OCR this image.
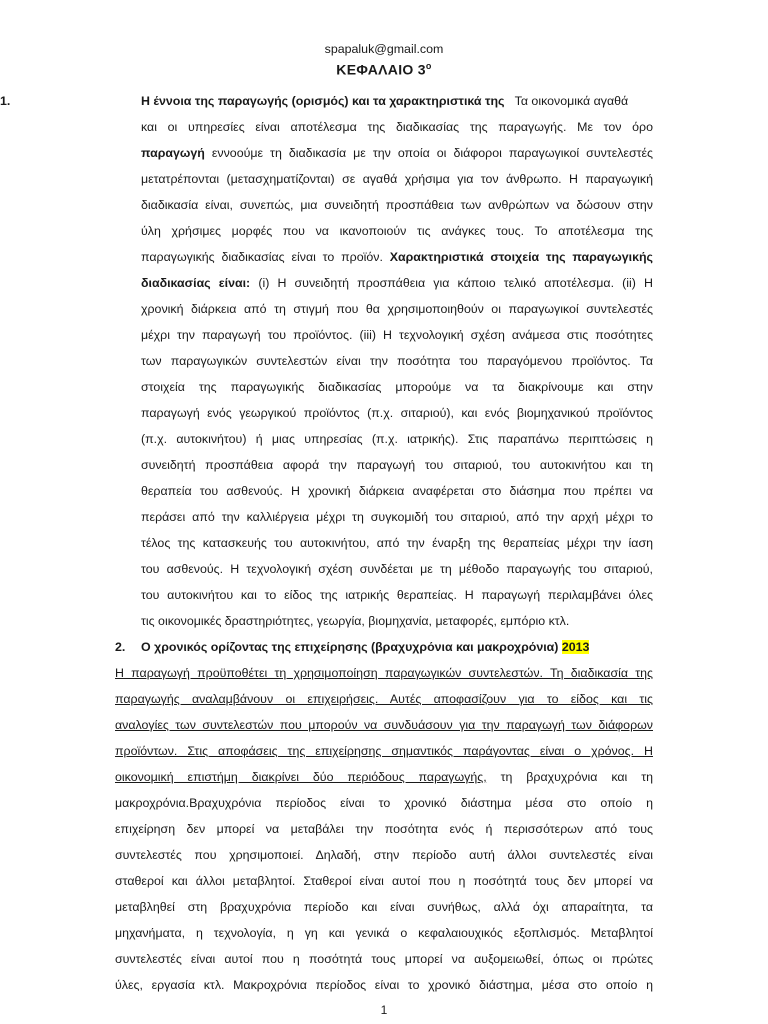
spapaluk@gmail.com
ΚΕΦΑΛΑΙΟ $3^o$
1.	Η έννοια της παραγωγής (ορισμός) και τα χαρακτηριστικά της Τα οικονομικά αγαθά
και οι υπηρεσίες είναι αποτέλεσμα της διαδικασίας της παραγωγής. Με τον όρο
παραγωγή εννοούμε τη διαδικασία με την οποία οι διάφοροι παραγωγικοί συντελεστές
μετατρέπονται (μετασχηματίζονται) σε αγαθά χρήσιμα για τον άνθρωπο. Η παραγωγική
διαδικασία είναι, συνεπώς, μια συνειδητή προσπάθεια των ανθρώπων να δώσουν στην
ύλη χρήσιμες μορφές που να ικανοποιούν τις ανάγκες τους. Το αποτέλεσμα της
παραγωγικής διαδικασίας είναι το προϊόν. Χαρακτηριστικά στοιχεία της παραγωγικής
διαδικασίας είναι: (i) Η συνειδητή προσπάθεια για κάποιο τελικό αποτέλεσμα. (ii) Η
χρονική διάρκεια από τη στιγμή που θα χρησιμοποιηθούν οι παραγωγικοί συντελεστές
μέχρι την παραγωγή του προϊόντος. (iii) Η τεχνολογική σχέση ανάμεσα στις ποσότητες
των παραγωγικών συντελεστών είναι την ποσότητα του παραγόμενου προϊόντος. Τα
στοιχεία της παραγωγικής διαδικασίας μπορούμε να τα διακρίνουμε και στην
παραγωγή ενός γεωργικού προϊόντος (π.χ. σιταριού), και ενός βιομηχανικού προϊόντος
(π.χ. αυτοκινήτου) ή μιας υπηρεσίας (π.χ. ιατρικής). Στις παραπάνω περιπτώσεις η
συνειδητή προσπάθεια αφορά την παραγωγή του σιταριού, του αυτοκινήτου και τη
θεραπεία του ασθενούς. Η χρονική διάρκεια αναφέρεται στο διάσημα που πρέπει να
περάσει από την καλλιέργεια μέχρι τη συγκομιδή του σιταριού, από την αρχή μέχρι το
τέλος της κατασκευής του αυτοκινήτου, από την έναρξη της θεραπείας μέχρι την ίαση
του ασθενούς. Η τεχνολογική σχέση συνδέεται με τη μέθοδο παραγωγής του σιταριού,
του αυτοκινήτου και το είδος της ιατρικής θεραπείας. Η παραγωγή περιλαμβάνει όλες
τις οικονομικές δραστηριότητες, γεωργία, βιομηχανία, μεταφορές, εμπόριο κτλ.
2. Ο χρονικός ορίζοντας της επιχείρησης (βραχυχρόνια και μακροχρόνια) 2013
Η παραγωγή προϋποθέτει τη χρησιμοποίηση παραγωγικών συντελεστών. Τη διαδικασία της
παραγωγής αναλαμβάνουν οι επιχειρήσεις. Αυτές αποφασίζουν για το είδος και τις
αναλογίες των συντελεστών που μπορούν να συνδυάσουν για την παραγωγή των διάφορων
προϊόντων. Στις αποφάσεις της επιχείρησης σημαντικός παράγοντας είναι ο χρόνος. Η
οικονομική επιστήμη διακρίνει δύο περιόδους παραγωγής, τη βραχυχρόνια και τη
μακροχρόνια.Βραχυχρόνια περίοδος είναι το χρονικό διάστημα μέσα στο οποίο η
επιχείρηση δεν μπορεί να μεταβάλει την ποσότητα ενός ή περισσότερων από τους
συντελεστές που χρησιμοποιεί. Δηλαδή, στην περίοδο αυτή άλλοι συντελεστές είναι
σταθεροί και άλλοι μεταβλητοί. Σταθεροί είναι αυτοί που η ποσότητά τους δεν μπορεί να
μεταβληθεί στη βραχυχρόνια περίοδο και είναι συνήθως, αλλά όχι απαραίτητα, τα
μηχανήματα, η τεχνολογία, η γη και γενικά ο κεφαλαιουχικός εξοπλισμός. Μεταβλητοί
συντελεστές είναι αυτοί που η ποσότητά τους μπορεί να αυξομειωθεί, όπως οι πρώτες
ύλες, εργασία κτλ. Μακροχρόνια περίοδος είναι το χρονικό διάστημα, μέσα στο οποίο η
1
